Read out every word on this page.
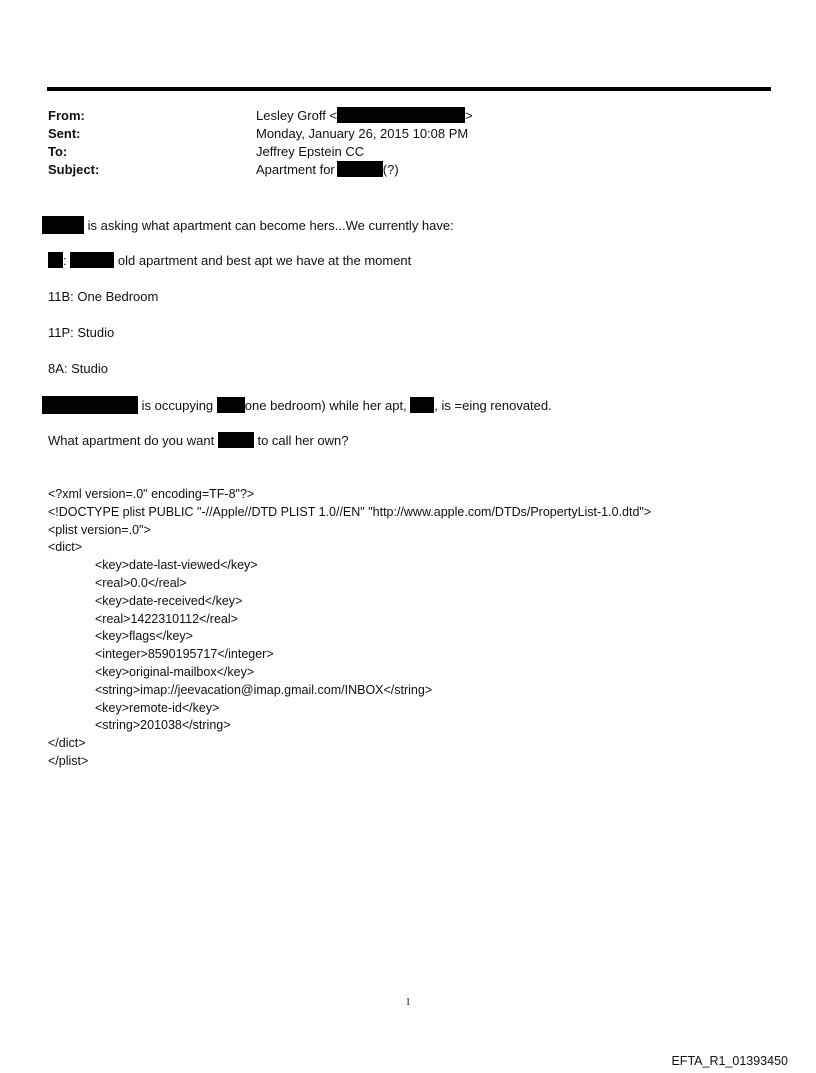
From:	Lesley Groff <	>
Sent:	Monday, January 26, 2015 10:08 PM
To:	Jeffrey Epstein CC
Subject:	Apartment for	(?)
is asking what apartment can become hers...We currently have:
:	old apartment and best apt we have at the moment
11B: One Bedroom
11P: Studio
8A: Studio
is occupying one bedroom) while her apt, , is =eing renovated.
What apartment do you want	to call her own?
<?xml version=.0" encoding=TF-8"?>
<!DOCTYPE plist PUBLIC "-//Apple//DTD PLIST 1.0//EN" "http://www.apple.com/DTDs/PropertyList-1.0.dtd">
<plist version=.0">
<dict>
<key>date-last-viewed</key>
<real>0.0</real>
<key>date-received</key>
<real>1422310112</real>
<key>flags</key>
<integer>8590195717</integer>
<key>original-mailbox</key>
<string>imap://jeevacation@imap.gmail.com/INBOX</string>
<key>remote-id</key>
<string>201038</string>
</dict>
</plist>
1
EFTA_R1_01393450
